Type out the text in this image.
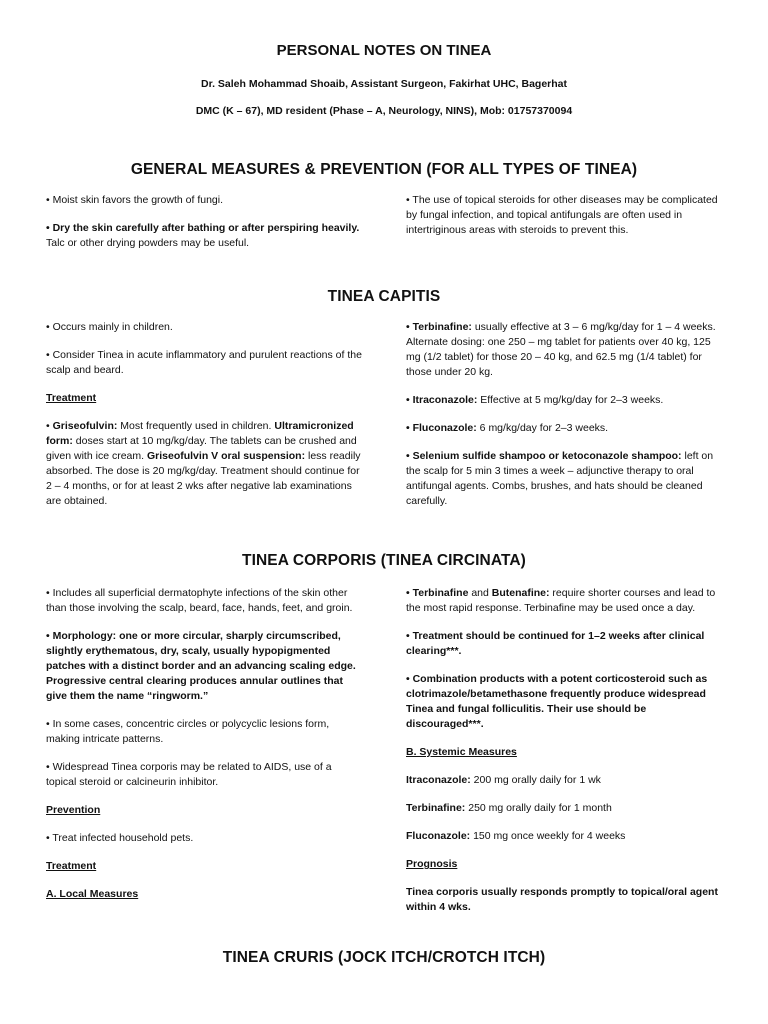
PERSONAL NOTES ON TINEA
Dr. Saleh Mohammad Shoaib, Assistant Surgeon, Fakirhat UHC, Bagerhat
DMC (K – 67), MD resident (Phase – A, Neurology, NINS), Mob: 01757370094
GENERAL MEASURES & PREVENTION (FOR ALL TYPES OF TINEA)

• Moist skin favors the growth of fungi.

• Dry the skin carefully after bathing or after perspiring heavily. Talc or other drying powders may be useful.

• The use of topical steroids for other diseases may be complicated by fungal infection, and topical antifungals are often used in intertriginous areas with steroids to prevent this.

TINEA CAPITIS

• Occurs mainly in children.

• Consider Tinea in acute inflammatory and purulent reactions of the scalp and beard.

Treatment

• Griseofulvin: Most frequently used in children. Ultramicronized form: doses start at 10 mg/kg/day. The tablets can be crushed and given with ice cream. Griseofulvin V oral suspension: less readily absorbed. The dose is 20 mg/kg/day. Treatment should continue for 2 – 4 months, or for at least 2 wks after negative lab examinations are obtained.

• Terbinafine: usually effective at 3 – 6 mg/kg/day for 1 – 4 weeks. Alternate dosing: one 250 – mg tablet for patients over 40 kg, 125 mg (1/2 tablet) for those 20 – 40 kg, and 62.5 mg (1/4 tablet) for those under 20 kg.

• Itraconazole: Effective at 5 mg/kg/day for 2–3 weeks.

• Fluconazole: 6 mg/kg/day for 2–3 weeks.

• Selenium sulfide shampoo or ketoconazole shampoo: left on the scalp for 5 min 3 times a week – adjunctive therapy to oral antifungal agents. Combs, brushes, and hats should be cleaned carefully.

TINEA CORPORIS (TINEA CIRCINATA)

• Includes all superficial dermatophyte infections of the skin other than those involving the scalp, beard, face, hands, feet, and groin.

• Morphology: one or more circular, sharply circumscribed, slightly erythematous, dry, scaly, usually hypopigmented patches with a distinct border and an advancing scaling edge. Progressive central clearing produces annular outlines that give them the name “ringworm.”

• In some cases, concentric circles or polycyclic lesions form, making intricate patterns.

• Widespread Tinea corporis may be related to AIDS, use of a topical steroid or calcineurin inhibitor.

Prevention

• Treat infected household pets.

Treatment

A. Local Measures

• Terbinafine and Butenafine: require shorter courses and lead to the most rapid response. Terbinafine may be used once a day.

• Treatment should be continued for 1–2 weeks after clinical clearing***.

• Combination products with a potent corticosteroid such as clotrimazole/betamethasone frequently produce widespread Tinea and fungal folliculitis. Their use should be discouraged***.

B. Systemic Measures

Itraconazole: 200 mg orally daily for 1 wk

Terbinafine: 250 mg orally daily for 1 month

Fluconazole: 150 mg once weekly for 4 weeks

Prognosis

Tinea corporis usually responds promptly to topical/oral agent within 4 wks.

TINEA CRURIS (JOCK ITCH/CROTCH ITCH)
